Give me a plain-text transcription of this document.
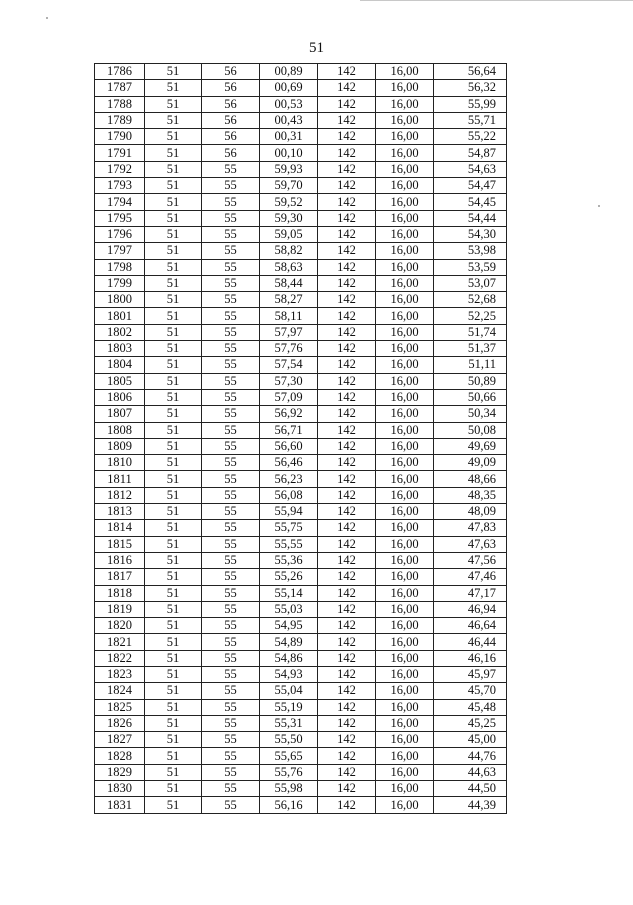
51
1786	51	56	00,89	142	16,00	56,64
1787	51	56	00,69	142	16,00	56,32
1788	51	56	00,53	142	16,00	55,99
1789	51	56	00,43	142	16,00	55,71
1790	51	56	00,31	142	16,00	55,22
1791	51	56	00,10	142	16,00	54,87
1792	51	55	59,93	142	16,00	54,63
1793	51	55	59,70	142	16,00	54,47
1794	51	55	59,52	142	16,00	54,45
1795	51	55	59,30	142	16,00	54,44
1796	51	55	59,05	142	16,00	54,30
1797	51	55	58,82	142	16,00	53,98
1798	51	55	58,63	142	16,00	53,59
1799	51	55	58,44	142	16,00	53,07
1800	51	55	58,27	142	16,00	52,68
1801	51	55	58,11	142	16,00	52,25
1802	51	55	57,97	142	16,00	51,74
1803	51	55	57,76	142	16,00	51,37
1804	51	55	57,54	142	16,00	51,11
1805	51	55	57,30	142	16,00	50,89
1806	51	55	57,09	142	16,00	50,66
1807	51	55	56,92	142	16,00	50,34
1808	51	55	56,71	142	16,00	50,08
1809	51	55	56,60	142	16,00	49,69
1810	51	55	56,46	142	16,00	49,09
1811	51	55	56,23	142	16,00	48,66
1812	51	55	56,08	142	16,00	48,35
1813	51	55	55,94	142	16,00	48,09
1814	51	55	55,75	142	16,00	47,83
1815	51	55	55,55	142	16,00	47,63
1816	51	55	55,36	142	16,00	47,56
1817	51	55	55,26	142	16,00	47,46
1818	51	55	55,14	142	16,00	47,17
1819	51	55	55,03	142	16,00	46,94
1820	51	55	54,95	142	16,00	46,64
1821	51	55	54,89	142	16,00	46,44
1822	51	55	54,86	142	16,00	46,16
1823	51	55	54,93	142	16,00	45,97
1824	51	55	55,04	142	16,00	45,70
1825	51	55	55,19	142	16,00	45,48
1826	51	55	55,31	142	16,00	45,25
1827	51	55	55,50	142	16,00	45,00
1828	51	55	55,65	142	16,00	44,76
1829	51	55	55,76	142	16,00	44,63
1830	51	55	55,98	142	16,00	44,50
1831	51	55	56,16	142	16,00	44,39
